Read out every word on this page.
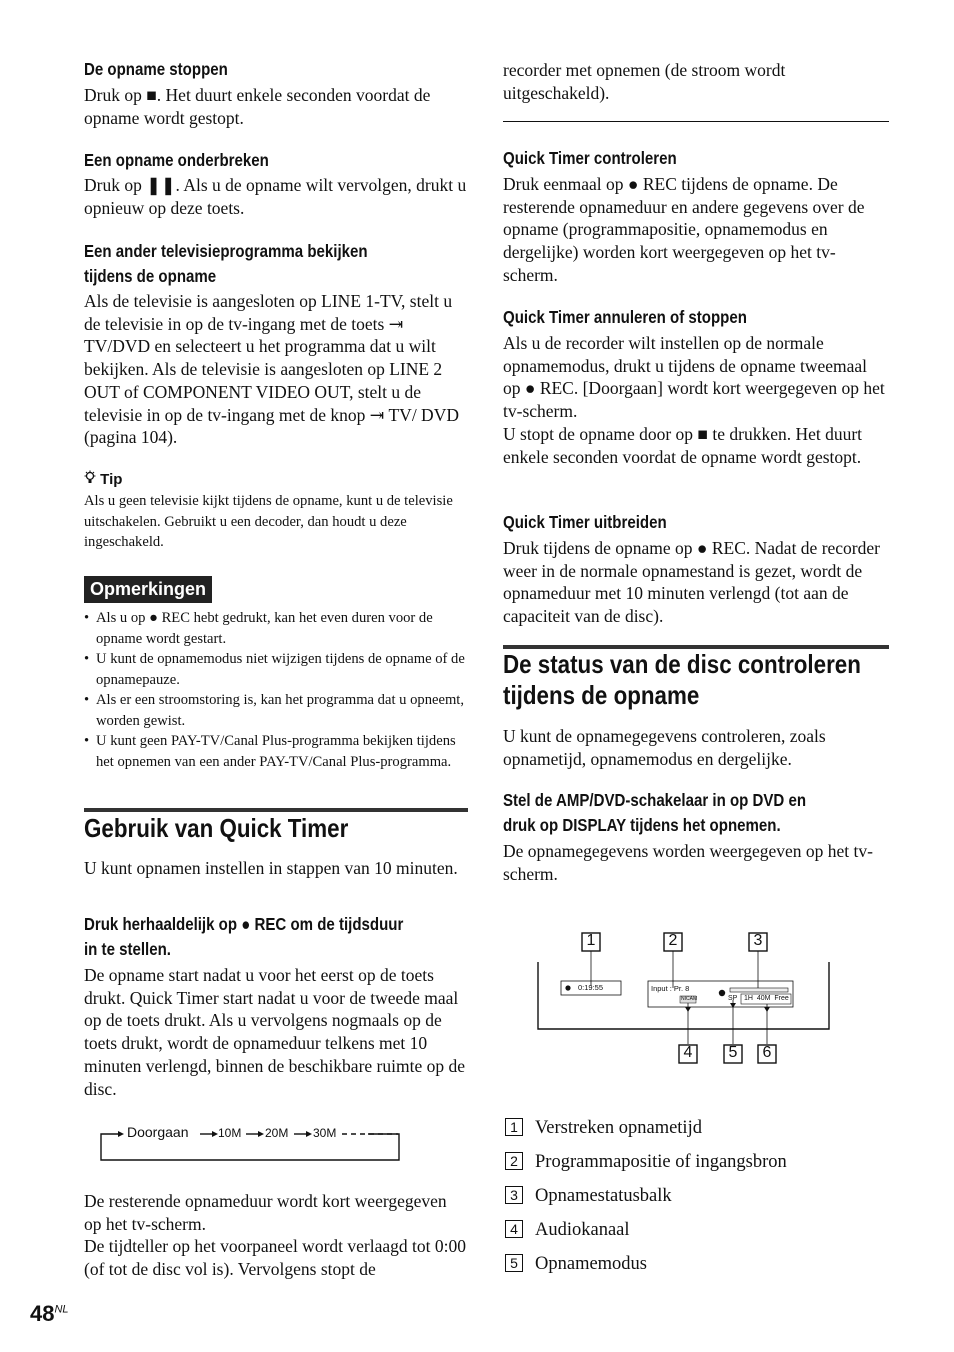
De opname stoppen
Druk op ■. Het duurt enkele seconden voordat de opname wordt gestopt.
Een opname onderbreken
Druk op ❚❚. Als u de opname wilt vervolgen, drukt u opnieuw op deze toets.
Een ander televisieprogramma bekijken
tijdens de opname
Als de televisie is aangesloten op LINE 1-TV, stelt u de televisie in op de tv-ingang met de toets ⇥ TV/DVD en selecteert u het programma dat u wilt bekijken. Als de televisie is aangesloten op LINE 2 OUT of COMPONENT VIDEO OUT, stelt u de televisie in op de tv-ingang met de knop ⇥ TV/ DVD (pagina 104).
Tip
Als u geen televisie kijkt tijdens de opname, kunt u de televisie uitschakelen. Gebruikt u een decoder, dan houdt u deze ingeschakeld.
Opmerkingen
• Als u op ● REC hebt gedrukt, kan het even duren voor de opname wordt gestart.
• U kunt de opnamemodus niet wijzigen tijdens de opname of de opnamepauze.
• Als er een stroomstoring is, kan het programma dat u opneemt, worden gewist.
• U kunt geen PAY-TV/Canal Plus-programma bekijken tijdens het opnemen van een ander PAY-TV/Canal Plus-programma.
Gebruik van Quick Timer
U kunt opnamen instellen in stappen van 10 minuten.
Druk herhaaldelijk op ● REC om de tijdsduur
in te stellen.
De opname start nadat u voor het eerst op de toets drukt. Quick Timer start nadat u voor de tweede maal op de toets drukt. Als u vervolgens nogmaals op de toets drukt, wordt de opnameduur telkens met 10 minuten verlengd, binnen de beschikbare ruimte op de disc.
Doorgaan 10M 20M 30M
De resterende opnameduur wordt kort weergegeven op het tv-scherm.
De tijdteller op het voorpaneel wordt verlaagd tot 0:00 (of tot de disc vol is). Vervolgens stopt de
recorder met opnemen (de stroom wordt uitgeschakeld).
Quick Timer controleren
Druk eenmaal op ● REC tijdens de opname. De resterende opnameduur en andere gegevens over de opname (programmapositie, opnamemodus en dergelijke) worden kort weergegeven op het tv-scherm.
Quick Timer annuleren of stoppen
Als u de recorder wilt instellen op de normale opnamemodus, drukt u tijdens de opname tweemaal op ● REC. [Doorgaan] wordt kort weergegeven op het tv-scherm.
U stopt de opname door op ■ te drukken. Het duurt enkele seconden voordat de opname wordt gestopt.
Quick Timer uitbreiden
Druk tijdens de opname op ● REC. Nadat de recorder weer in de normale opnamestand is gezet, wordt de opnameduur met 10 minuten verlengd (tot aan de capaciteit van de disc).
De status van de disc controleren
tijdens de opname
U kunt de opnamegegevens controleren, zoals opnametijd, opnamemodus en dergelijke.
Stel de AMP/DVD-schakelaar in op DVD en
druk op DISPLAY tijdens het opnemen.
De opnamegegevens worden weergegeven op het tv-scherm.
1	2	3
4 5 6
0:19:55	Input : Pr. 8
NICAM	SP 1H  40M  Free
1 Verstreken opnametijd
2 Programmapositie of ingangsbron
3 Opnamestatusbalk
4 Audiokanaal
5 Opnamemodus
$48^{NL}$
